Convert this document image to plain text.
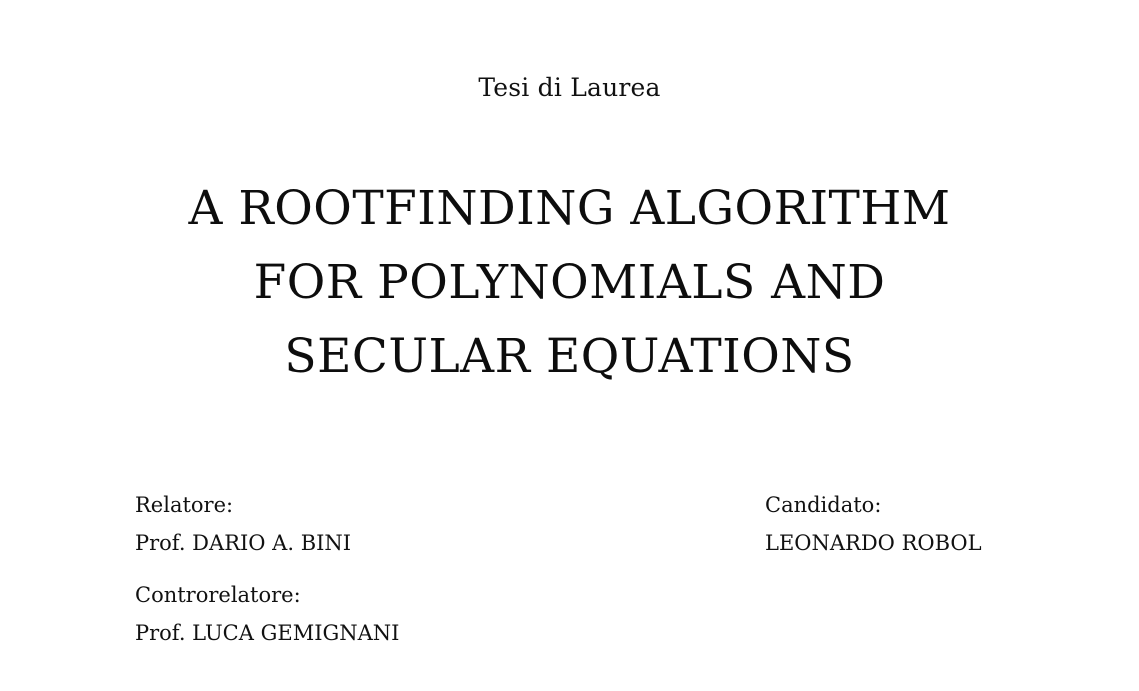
Tesi di Laurea
A ROOTFINDING ALGORITHM
FOR POLYNOMIALS AND
SECULAR EQUATIONS
Relatore:
Prof. DARIO A. BINI
Controrelatore:
Prof. LUCA GEMIGNANI
Candidato:
LEONARDO ROBOL
